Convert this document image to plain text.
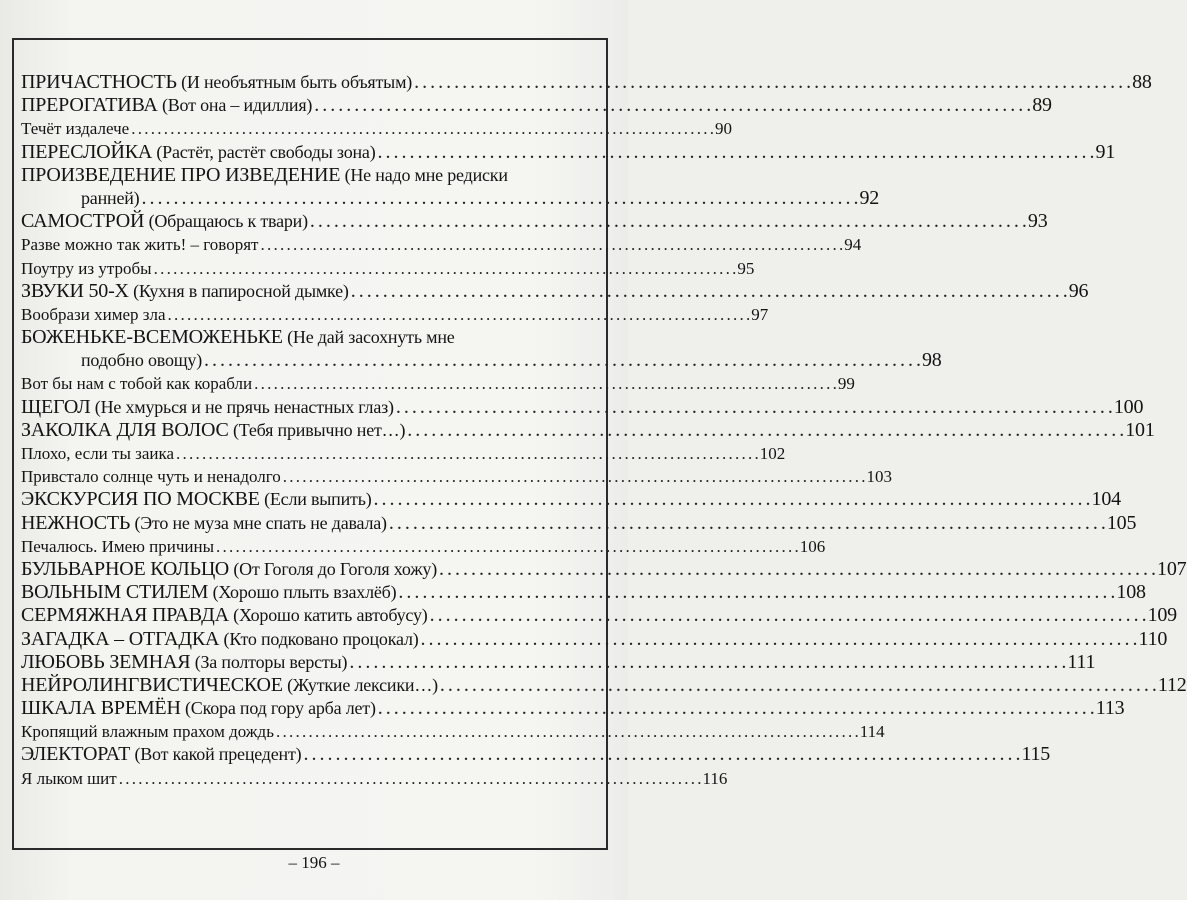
ПРИЧАСТНОСТЬ (И необъятным быть объятым) . . .	88
ПРЕРОГАТИВА (Вот она – идиллия) . . .	89
Течёт издалече . . .	90
ПЕРЕСЛОЙКА (Растёт, растёт свободы зона) . . .	91
ПРОИЗВЕДЕНИЕ ПРО ИЗВЕДЕНИЕ (Не надо мне редиски
ранней) . . .	92
САМОСТРОЙ (Обращаюсь к твари) . . .	93
Разве можно так жить! – говорят . . .	94
Поутру из утробы . . .	95
ЗВУКИ 50-Х (Кухня в папиросной дымке) . . .	96
Вообрази химер зла . . .	97
БОЖЕНЬКЕ-ВСЕМОЖЕНЬКЕ (Не дай засохнуть мне
подобно овощу) . . .	98
Вот бы нам с тобой как корабли . . .	99
ЩЕГОЛ (Не хмурься и не прячь ненастных глаз) . . .	100
ЗАКОЛКА ДЛЯ ВОЛОС (Тебя привычно нет…) . . .	101
Плохо, если ты заика . . .	102
Привстало солнце чуть и ненадолго . . .	103
ЭКСКУРСИЯ ПО МОСКВЕ (Если выпить) . . .	104
НЕЖНОСТЬ (Это не муза мне спать не давала) . . .	105
Печалюсь. Имею причины . . .	106
БУЛЬВАРНОЕ КОЛЬЦО (От Гоголя до Гоголя хожу) . . .	107
ВОЛЬНЫМ СТИЛЕМ (Хорошо плыть взахлёб) . . .	108
СЕРМЯЖНАЯ ПРАВДА (Хорошо катить автобусу) . . .	109
ЗАГАДКА – ОТГАДКА (Кто подковано процокал) . . .	110
ЛЮБОВЬ ЗЕМНАЯ (За полторы версты) . . .	111
НЕЙРОЛИНГВИСТИЧЕСКОЕ (Жуткие лексики…) . . .	112
ШКАЛА ВРЕМЁН (Скора под гору арба лет) . . .	113
Кропящий влажным прахом дождь . . .	114
ЭЛЕКТОРАТ (Вот какой прецедент) . . .	115
Я лыком шит . . .	116
– 196 –
